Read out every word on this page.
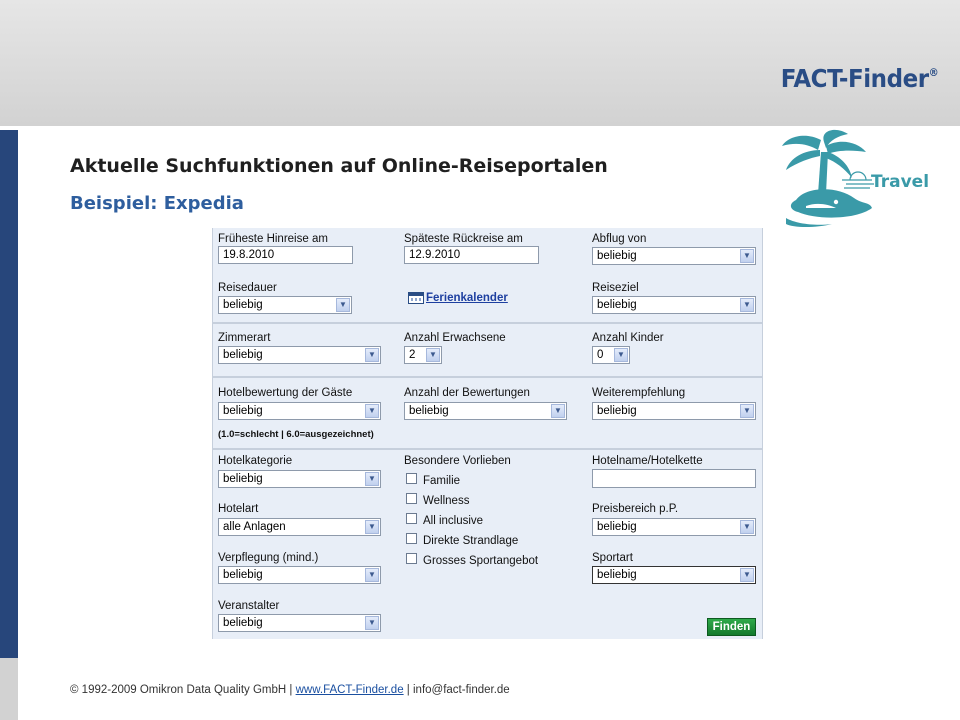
FACT-Finder®
Aktuelle Suchfunktionen auf Online-Reiseportalen
Beispiel: Expedia
Travel
Früheste Hinreise am
19.8.2010
Späteste Rückreise am
12.9.2010
Abflug von
beliebig	▼
Reisedauer
beliebig	▼
Ferienkalender
Reiseziel
beliebig	▼
Zimmerart
beliebig	▼
Anzahl Erwachsene
2	▼
Anzahl Kinder
0	▼
Hotelbewertung der Gäste
beliebig	▼
(1.0=schlecht | 6.0=ausgezeichnet)
Anzahl der Bewertungen
beliebig	▼
Weiterempfehlung
beliebig	▼
Hotelkategorie
beliebig	▼
Besondere Vorlieben
Familie
Wellness
All inclusive
Direkte Strandlage
Grosses Sportangebot
Hotelname/Hotelkette
Hotelart
alle Anlagen	▼
Preisbereich p.P.
beliebig	▼
Verpflegung (mind.)
beliebig	▼
Sportart
beliebig	▼
Veranstalter
beliebig	▼	Finden
© 1992-2009 Omikron Data Quality GmbH | www.FACT-Finder.de | info@fact-finder.de
